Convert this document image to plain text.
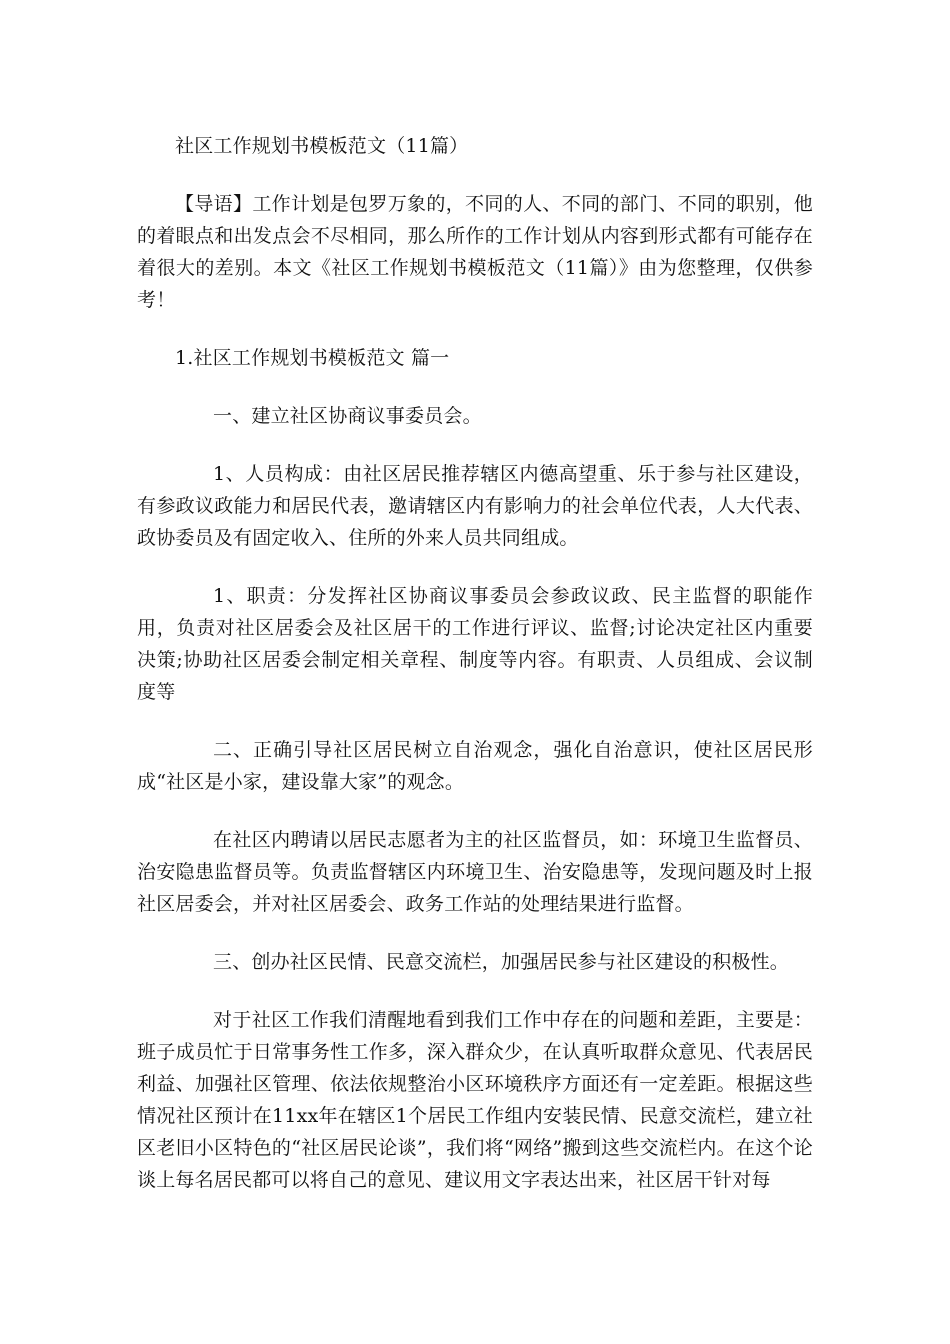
社区工作规划书模板范文（11篇）

【导语】工作计划是包罗万象的，不同的人、不同的部门、不同的职别，他的着眼点和出发点会不尽相同，那么所作的工作计划从内容到形式都有可能存在着很大的差别。本文《社区工作规划书模板范文（11篇）》由为您整理，仅供参考！

1.社区工作规划书模板范文 篇一

一、建立社区协商议事委员会。

1、人员构成：由社区居民推荐辖区内德高望重、乐于参与社区建设，有参政议政能力和居民代表，邀请辖区内有影响力的社会单位代表，人大代表、政协委员及有固定收入、住所的外来人员共同组成。

1、职责：分发挥社区协商议事委员会参政议政、民主监督的职能作用，负责对社区居委会及社区居干的工作进行评议、监督;讨论决定社区内重要决策;协助社区居委会制定相关章程、制度等内容。有职责、人员组成、会议制度等

二、正确引导社区居民树立自治观念，强化自治意识，使社区居民形成“社区是小家，建设靠大家”的观念。

在社区内聘请以居民志愿者为主的社区监督员，如：环境卫生监督员、治安隐患监督员等。负责监督辖区内环境卫生、治安隐患等，发现问题及时上报社区居委会，并对社区居委会、政务工作站的处理结果进行监督。

三、创办社区民情、民意交流栏，加强居民参与社区建设的积极性。

对于社区工作我们清醒地看到我们工作中存在的问题和差距，主要是：班子成员忙于日常事务性工作多，深入群众少，在认真听取群众意见、代表居民利益、加强社区管理、依法依规整治小区环境秩序方面还有一定差距。根据这些情况社区预计在11xx年在辖区1个居民工作组内安装民情、民意交流栏，建立社区老旧小区特色的“社区居民论谈”，我们将“网络”搬到这些交流栏内。在这个论谈上每名居民都可以将自己的意见、建议用文字表达出来，社区居干针对每
